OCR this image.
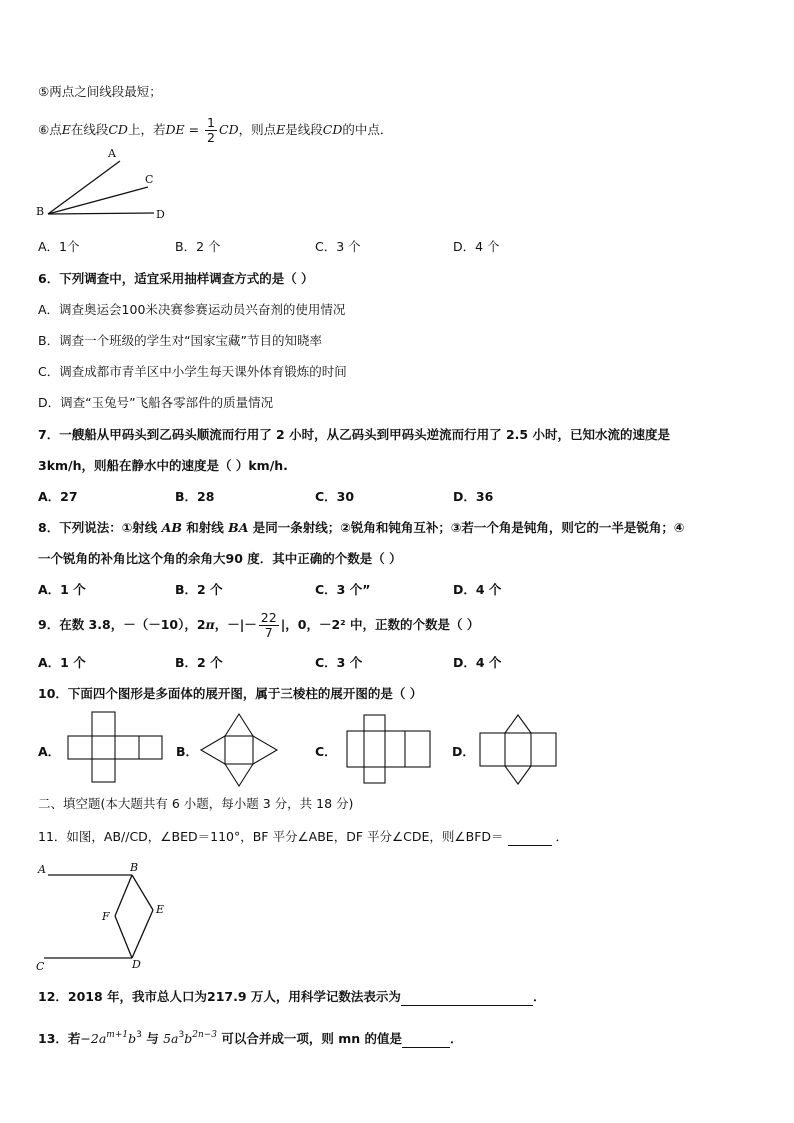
⑤两点之间线段最短；
⑥点E在线段CD上，若DE = $\frac{1}{2}$ CD，则点E是线段CD的中点．
A
C
B	D
A．1个	B．2 个	C．3 个	D．4 个
6．下列调查中，适宜采用抽样调查方式的是（ ）
A．调查奥运会100米决赛参赛运动员兴奋剂的使用情况
B．调查一个班级的学生对“国家宝藏”节目的知晓率
C．调查成都市青羊区中小学生每天课外体育锻炼的时间
D．调查“玉兔号”飞船各零部件的质量情况
7．一艘船从甲码头到乙码头顺流而行用了 2 小时，从乙码头到甲码头逆流而行用了 2.5 小时，已知水流的速度是
3km/h，则船在静水中的速度是（ ）km/h.
A．27	B．28	C．30	D．36
8．下列说法：①射线 AB 和射线 BA 是同一条射线；②锐角和钝角互补；③若一个角是钝角，则它的一半是锐角；④
一个锐角的补角比这个角的余角大90 度．其中正确的个数是（ ）
A．1 个	B．2 个	C．3 个”	D．4 个
9．在数 3.8，－（－10），2π，－|－ $\frac{22}{7}$ |，0，－2² 中，正数的个数是（ ）
A．1 个	B．2 个	C．3 个	D．4 个
10．下面四个图形是多面体的展开图，属于三棱柱的展开图的是（ ）
A．	B．	C．	D．
二、填空题(本大题共有 6 小题，每小题 3 分，共 18 分)
11．如图，AB//CD，∠BED＝110°，BF 平分∠ABE，DF 平分∠CDE，则∠BFD＝	．
A	B
E
F
C	D
12．2018 年，我市总人口为217.9 万人，用科学记数法表示为	．
13．若$-2a^{m+1}b^3$ 与 $5a^3b^{2n-3}$ 可以合并成一项，则 mn 的值是	．
